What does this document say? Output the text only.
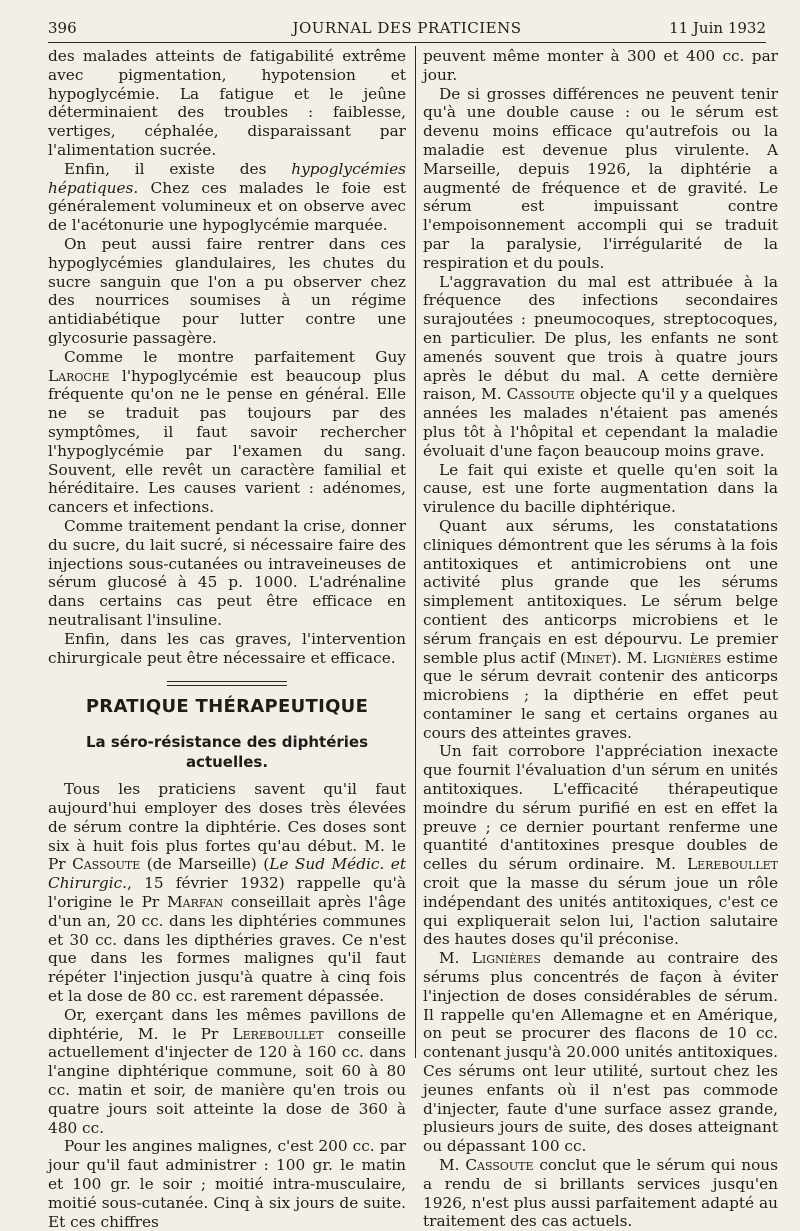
396	JOURNAL DES PRATICIENS	11 Juin 1932

des malades atteints de fatigabilité extrême avec pigmentation, hypotension et hypoglycémie. La fatigue et le jeûne déterminaient des troubles : faiblesse, vertiges, céphalée, disparaissant par l'alimentation sucrée.

Enfin, il existe des hypoglycémies hépatiques. Chez ces malades le foie est généralement volumineux et on observe avec de l'acétonurie une hypoglycémie marquée.

On peut aussi faire rentrer dans ces hypoglycémies glandulaires, les chutes du sucre sanguin que l'on a pu observer chez des nourrices soumises à un régime antidiabétique pour lutter contre une glycosurie passagère.

Comme le montre parfaitement Guy Laroche l'hypoglycémie est beaucoup plus fréquente qu'on ne le pense en général. Elle ne se traduit pas toujours par des symptômes, il faut savoir rechercher l'hypoglycémie par l'examen du sang. Souvent, elle revêt un caractère familial et héréditaire. Les causes varient : adénomes, cancers et infections.

Comme traitement pendant la crise, donner du sucre, du lait sucré, si nécessaire faire des injections sous-cutanées ou intraveineuses de sérum glucosé à 45 p. 1000. L'adrénaline dans certains cas peut être efficace en neutralisant l'insuline.

Enfin, dans les cas graves, l'intervention chirurgicale peut être nécessaire et efficace.

PRATIQUE THÉRAPEUTIQUE
La séro-résistance des diphtéries actuelles.

Tous les praticiens savent qu'il faut aujourd'hui employer des doses très élevées de sérum contre la diphtérie. Ces doses sont six à huit fois plus fortes qu'au début. M. le Pr Cassoute (de Marseille) (Le Sud Médic. et Chirurgic., 15 février 1932) rappelle qu'à l'origine le Pr Marfan conseillait après l'âge d'un an, 20 cc. dans les diphtéries communes et 30 cc. dans les dipthéries graves. Ce n'est que dans les formes malignes qu'il faut répéter l'injection jusqu'à quatre à cinq fois et la dose de 80 cc. est rarement dépassée.

Or, exerçant dans les mêmes pavillons de diphtérie, M. le Pr Lereboullet conseille actuellement d'injecter de 120 à 160 cc. dans l'angine diphtérique commune, soit 60 à 80 cc. matin et soir, de manière qu'en trois ou quatre jours soit atteinte la dose de 360 à 480 cc.

Pour les angines malignes, c'est 200 cc. par jour qu'il faut administrer : 100 gr. le matin et 100 gr. le soir ; moitié intra-musculaire, moitié sous-cutanée. Cinq à six jours de suite. Et ces chiffres

peuvent même monter à 300 et 400 cc. par jour.

De si grosses différences ne peuvent tenir qu'à une double cause : ou le sérum est devenu moins efficace qu'autrefois ou la maladie est devenue plus virulente. A Marseille, depuis 1926, la diphtérie a augmenté de fréquence et de gravité. Le sérum est impuissant contre l'empoisonnement accompli qui se traduit par la paralysie, l'irrégularité de la respiration et du pouls.

L'aggravation du mal est attribuée à la fréquence des infections secondaires surajoutées : pneumocoques, streptocoques, en particulier. De plus, les enfants ne sont amenés souvent que trois à quatre jours après le début du mal. A cette dernière raison, M. Cassoute objecte qu'il y a quelques années les malades n'étaient pas amenés plus tôt à l'hôpital et cependant la maladie évoluait d'une façon beaucoup moins grave.

Le fait qui existe et quelle qu'en soit la cause, est une forte augmentation dans la virulence du bacille diphtérique.

Quant aux sérums, les constatations cliniques démontrent que les sérums à la fois antitoxiques et antimicrobiens ont une activité plus grande que les sérums simplement antitoxiques. Le sérum belge contient des anticorps microbiens et le sérum français en est dépourvu. Le premier semble plus actif (Minet). M. Lignières estime que le sérum devrait contenir des anticorps microbiens ; la dipthérie en effet peut contaminer le sang et certains organes au cours des atteintes graves.

Un fait corrobore l'appréciation inexacte que fournit l'évaluation d'un sérum en unités antitoxiques. L'efficacité thérapeutique moindre du sérum purifié en est en effet la preuve ; ce dernier pourtant renferme une quantité d'antitoxines presque doubles de celles du sérum ordinaire. M. Lereboullet croit que la masse du sérum joue un rôle indépendant des unités antitoxiques, c'est ce qui expliquerait selon lui, l'action salutaire des hautes doses qu'il préconise.

M. Lignières demande au contraire des sérums plus concentrés de façon à éviter l'injection de doses considérables de sérum. Il rappelle qu'en Allemagne et en Amérique, on peut se procurer des flacons de 10 cc. contenant jusqu'à 20.000 unités antitoxiques. Ces sérums ont leur utilité, surtout chez les jeunes enfants où il n'est pas commode d'injecter, faute d'une surface assez grande, plusieurs jours de suite, des doses atteignant ou dépassant 100 cc.

M. Cassoute conclut que le sérum qui nous a rendu de si brillants services jusqu'en 1926, n'est plus aussi parfaitement adapté au traitement des cas actuels.
